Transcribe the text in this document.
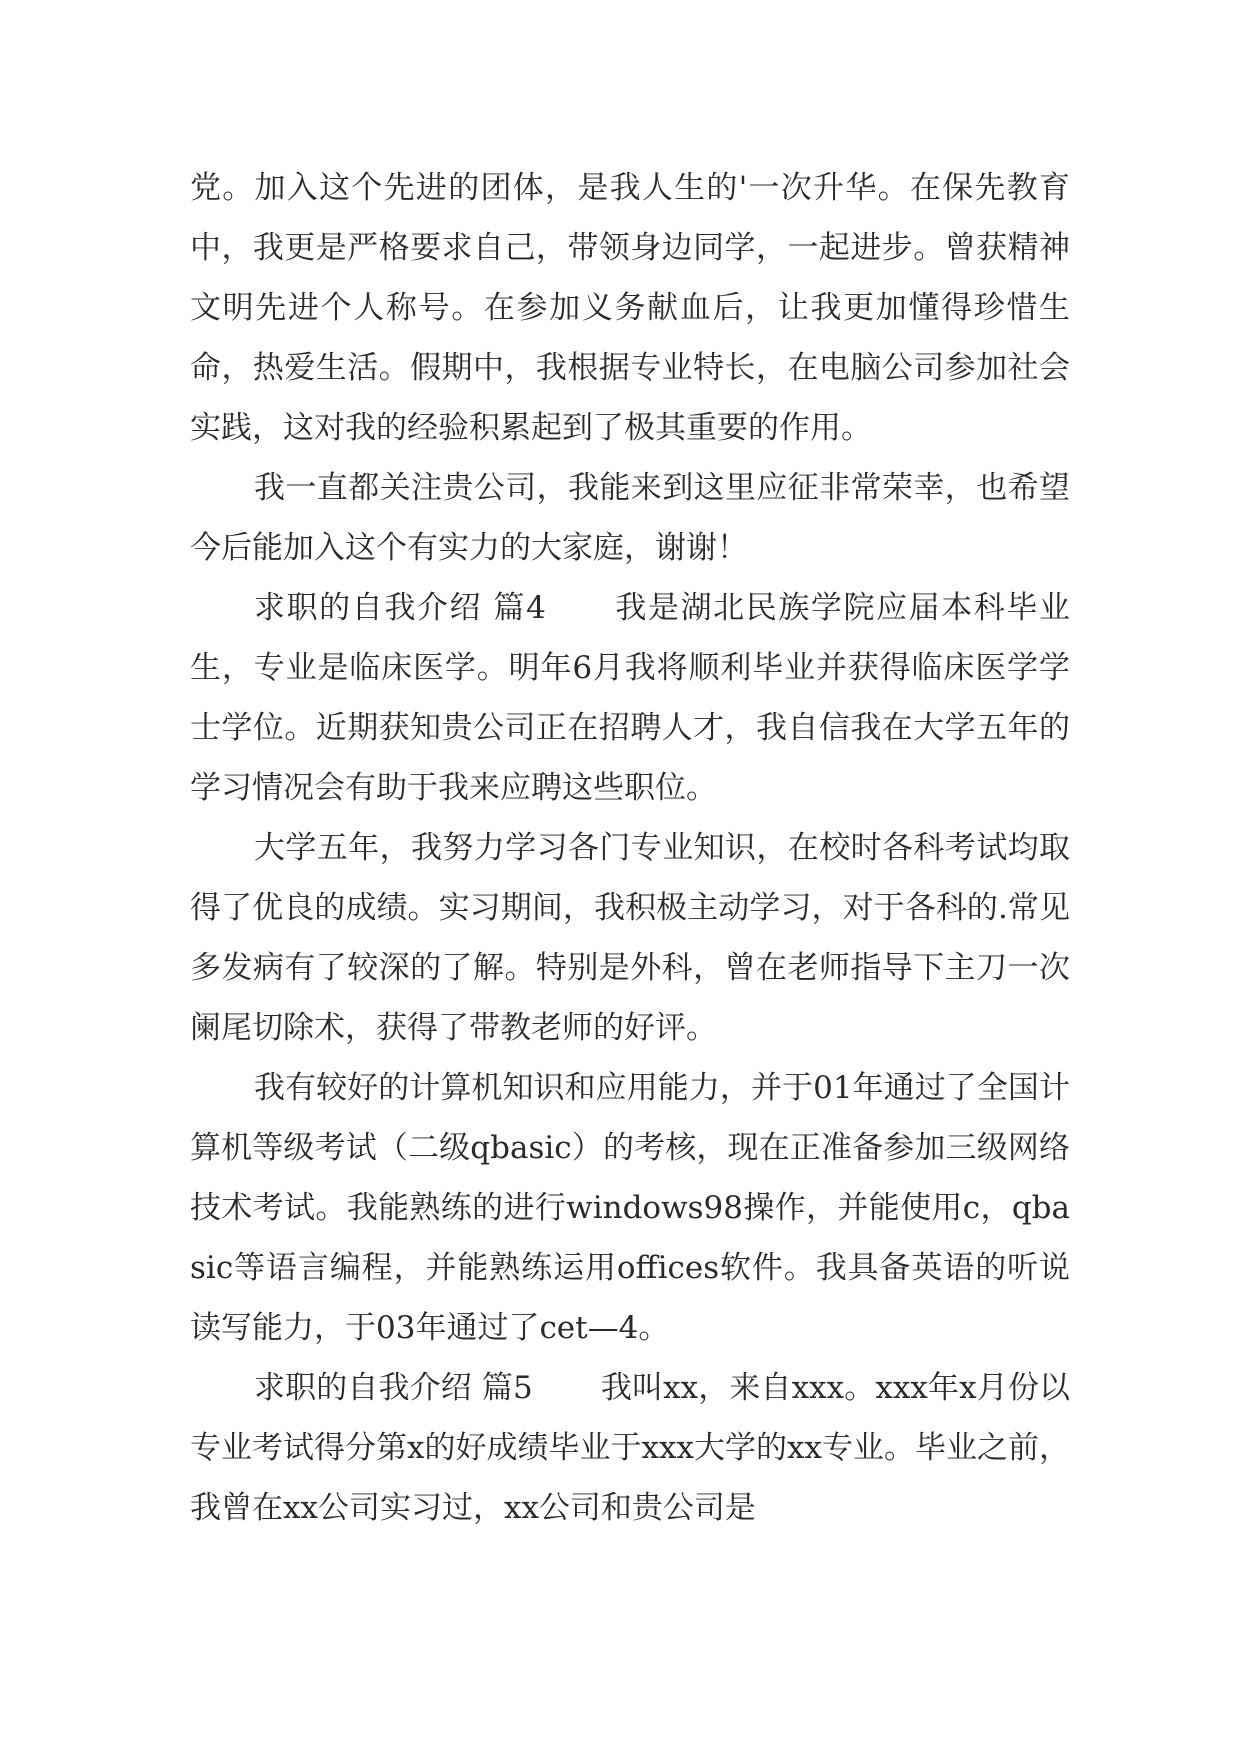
党。加入这个先进的团体，是我人生的'一次升华。在保先教育中，我更是严格要求自己，带领身边同学，一起进步。曾获精神文明先进个人称号。在参加义务献血后，让我更加懂得珍惜生命，热爱生活。假期中，我根据专业特长，在电脑公司参加社会实践，这对我的经验积累起到了极其重要的作用。

我一直都关注贵公司，我能来到这里应征非常荣幸，也希望今后能加入这个有实力的大家庭，谢谢！

求职的自我介绍 篇4 我是湖北民族学院应届本科毕业生，专业是临床医学。明年6月我将顺利毕业并获得临床医学学士学位。近期获知贵公司正在招聘人才，我自信我在大学五年的学习情况会有助于我来应聘这些职位。

大学五年，我努力学习各门专业知识，在校时各科考试均取得了优良的成绩。实习期间，我积极主动学习，对于各科的.常见多发病有了较深的了解。特别是外科，曾在老师指导下主刀一次阑尾切除术，获得了带教老师的好评。

我有较好的计算机知识和应用能力，并于01年通过了全国计算机等级考试（二级qbasic）的考核，现在正准备参加三级网络技术考试。我能熟练的进行windows98操作，并能使用c，qbasic等语言编程，并能熟练运用offices软件。我具备英语的听说读写能力，于03年通过了cet—4。

求职的自我介绍 篇5 我叫xx，来自xxx。xxx年x月份以专业考试得分第x的好成绩毕业于xxx大学的xx专业。毕业之前，我曾在xx公司实习过，xx公司和贵公司是
